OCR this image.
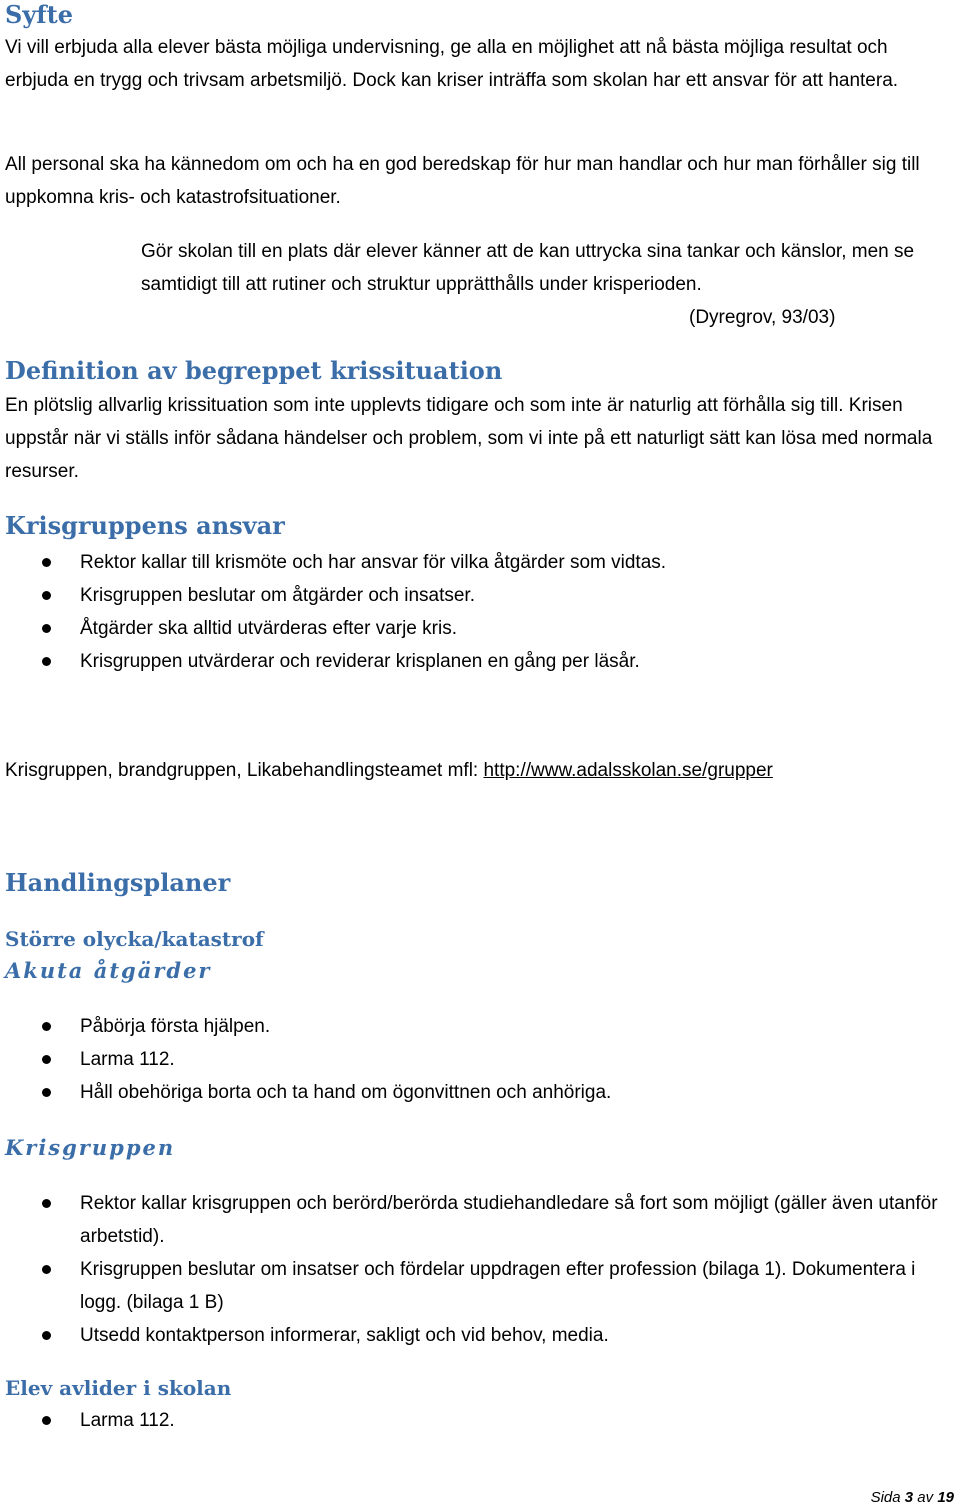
Syfte

Vi vill erbjuda alla elever bästa möjliga undervisning, ge alla en möjlighet att nå bästa möjliga resultat och erbjuda en trygg och trivsam arbetsmiljö. Dock kan kriser inträffa som skolan har ett ansvar för att hantera.

All personal ska ha kännedom om och ha en god beredskap för hur man handlar och hur man förhåller sig till uppkomna kris- och katastrofsituationer.

Gör skolan till en plats där elever känner att de kan uttrycka sina tankar och känslor, men se samtidigt till att rutiner och struktur upprätthålls under krisperioden.
(Dyregrov, 93/03)
Definition av begreppet krissituation

En plötslig allvarlig krissituation som inte upplevts tidigare och som inte är naturlig att förhålla sig till. Krisen uppstår när vi ställs inför sådana händelser och problem, som vi inte på ett naturligt sätt kan lösa med normala resurser.

Krisgruppens ansvar
Rektor kallar till krismöte och har ansvar för vilka åtgärder som vidtas.
Krisgruppen beslutar om åtgärder och insatser.
Åtgärder ska alltid utvärderas efter varje kris.
Krisgruppen utvärderar och reviderar krisplanen en gång per läsår.

Krisgruppen, brandgruppen, Likabehandlingsteamet mfl: http://www.adalsskolan.se/grupper

Handlingsplaner
Större olycka/katastrof
Akuta åtgärder
Påbörja första hjälpen.
Larma 112.
Håll obehöriga borta och ta hand om ögonvittnen och anhöriga.
Krisgruppen
Rektor kallar krisgruppen och berörd/berörda studiehandledare så fort som möjligt (gäller även utanför arbetstid).
Krisgruppen beslutar om insatser och fördelar uppdragen efter profession (bilaga 1). Dokumentera i logg. (bilaga 1 B)
Utsedd kontaktperson informerar, sakligt och vid behov, media.
Elev avlider i skolan
Larma 112.
Sida 3 av 19
